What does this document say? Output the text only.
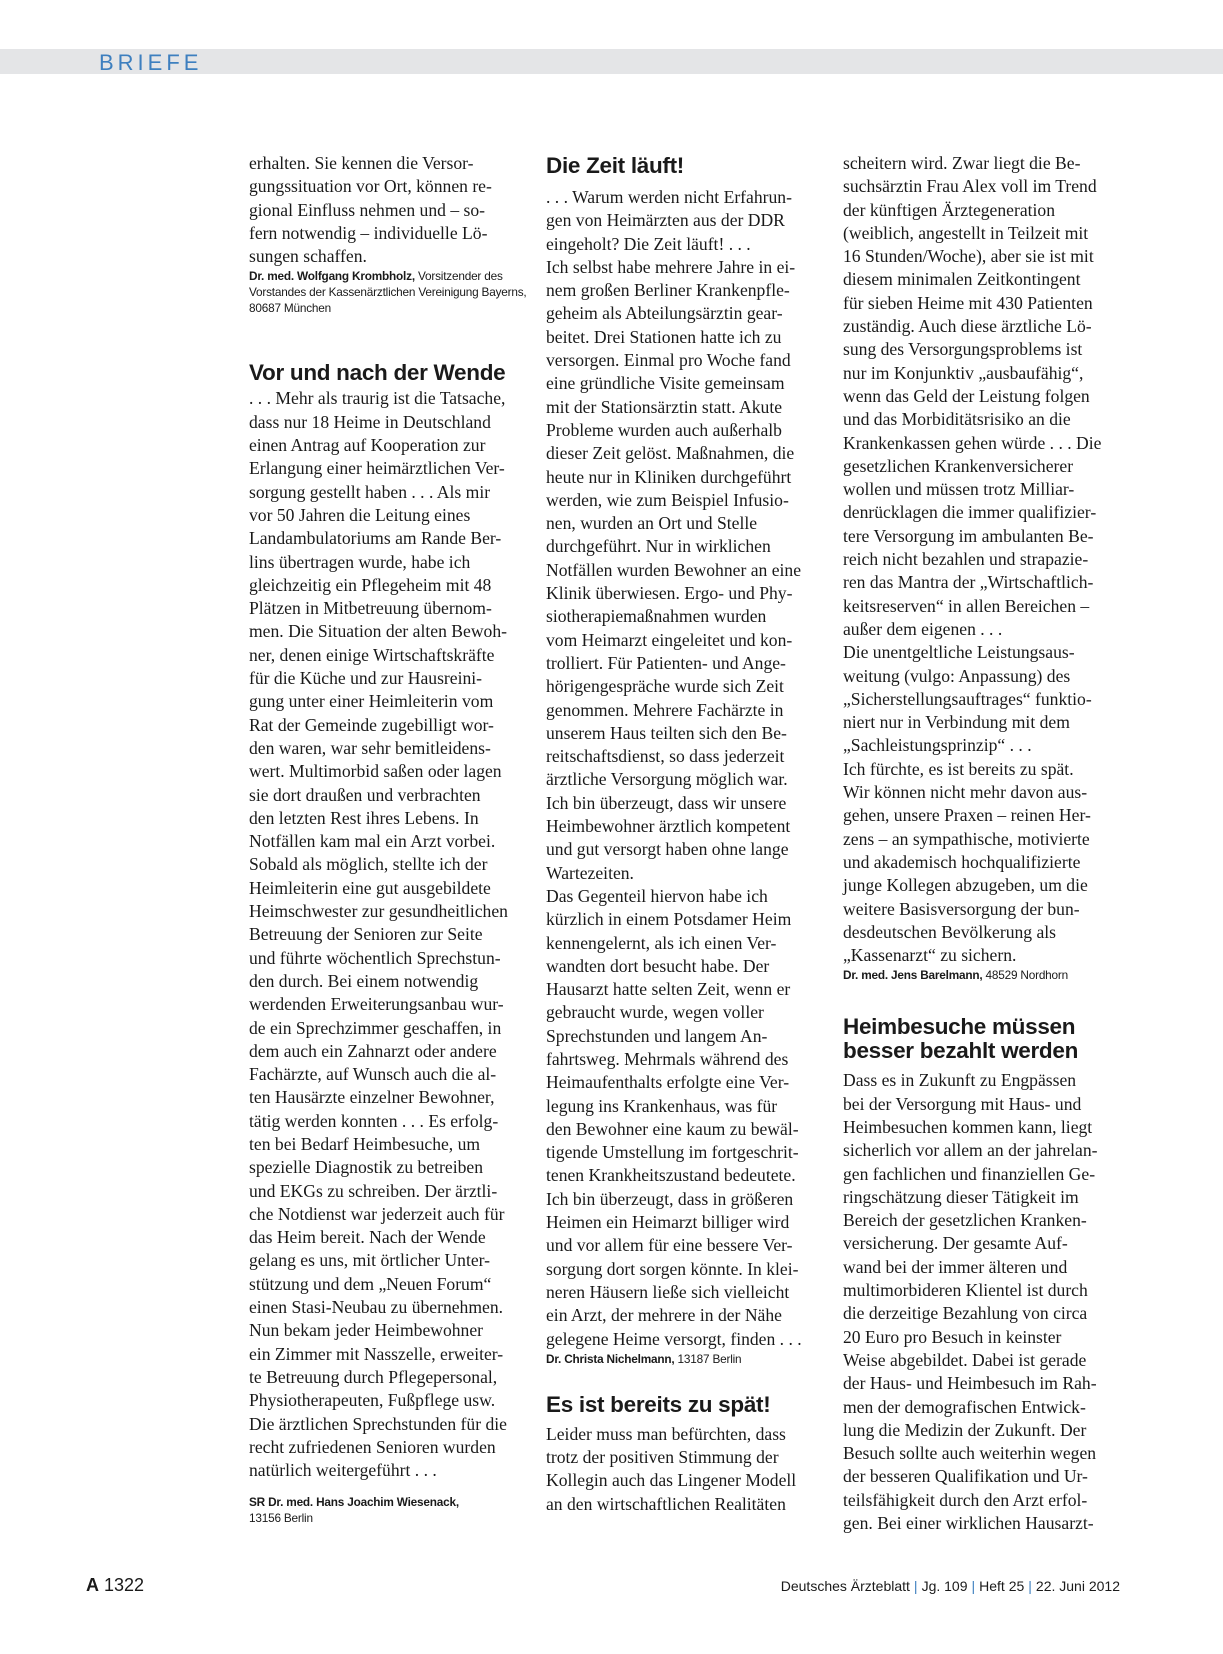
BRIEFE

erhalten. Sie kennen die Versor-
gungssituation vor Ort, können re-
gional Einfluss nehmen und – so-
fern notwendig – individuelle Lö-
sungen schaffen.

Dr. med. Wolfgang Krombholz, Vorsitzender des Vorstandes der Kassenärztlichen Vereinigung Bayerns, 80687 München

Vor und nach der Wende

. . . Mehr als traurig ist die Tatsache,
dass nur 18 Heime in Deutschland
einen Antrag auf Kooperation zur
Erlangung einer heimärztlichen Ver-
sorgung gestellt haben . . . Als mir
vor 50 Jahren die Leitung eines
Landambulatoriums am Rande Ber-
lins übertragen wurde, habe ich
gleichzeitig ein Pflegeheim mit 48
Plätzen in Mitbetreuung übernom-
men. Die Situation der alten Bewoh-
ner, denen einige Wirtschaftskräfte
für die Küche und zur Hausreini-
gung unter einer Heimleiterin vom
Rat der Gemeinde zugebilligt wor-
den waren, war sehr bemitleidens-
wert. Multimorbid saßen oder lagen
sie dort draußen und verbrachten
den letzten Rest ihres Lebens. In
Notfällen kam mal ein Arzt vorbei.
Sobald als möglich, stellte ich der
Heimleiterin eine gut ausgebildete
Heimschwester zur gesundheitlichen
Betreuung der Senioren zur Seite
und führte wöchentlich Sprechstun-
den durch. Bei einem notwendig
werdenden Erweiterungsanbau wur-
de ein Sprechzimmer geschaffen, in
dem auch ein Zahnarzt oder andere
Fachärzte, auf Wunsch auch die al-
ten Hausärzte einzelner Bewohner,
tätig werden konnten . . . Es erfolg-
ten bei Bedarf Heimbesuche, um
spezielle Diagnostik zu betreiben
und EKGs zu schreiben. Der ärztli-
che Notdienst war jederzeit auch für
das Heim bereit. Nach der Wende
gelang es uns, mit örtlicher Unter-
stützung und dem „Neuen Forum“
einen Stasi-Neubau zu übernehmen.
Nun bekam jeder Heimbewohner
ein Zimmer mit Nasszelle, erweiter-
te Betreuung durch Pflegepersonal,
Physiotherapeuten, Fußpflege usw.
Die ärztlichen Sprechstunden für die
recht zufriedenen Senioren wurden
natürlich weitergeführt . . .

SR Dr. med. Hans Joachim Wiesenack,
13156 Berlin

Die Zeit läuft!

. . . Warum werden nicht Erfahrun-
gen von Heimärzten aus der DDR
eingeholt? Die Zeit läuft! . . .
Ich selbst habe mehrere Jahre in ei-
nem großen Berliner Krankenpfle-
geheim als Abteilungsärztin gear-
beitet. Drei Stationen hatte ich zu
versorgen. Einmal pro Woche fand
eine gründliche Visite gemeinsam
mit der Stationsärztin statt. Akute
Probleme wurden auch außerhalb
dieser Zeit gelöst. Maßnahmen, die
heute nur in Kliniken durchgeführt
werden, wie zum Beispiel Infusio-
nen, wurden an Ort und Stelle
durchgeführt. Nur in wirklichen
Notfällen wurden Bewohner an eine
Klinik überwiesen. Ergo- und Phy-
siotherapiemaßnahmen wurden
vom Heimarzt eingeleitet und kon-
trolliert. Für Patienten- und Ange-
hörigengespräche wurde sich Zeit
genommen. Mehrere Fachärzte in
unserem Haus teilten sich den Be-
reitschaftsdienst, so dass jederzeit
ärztliche Versorgung möglich war.
Ich bin überzeugt, dass wir unsere
Heimbewohner ärztlich kompetent
und gut versorgt haben ohne lange
Wartezeiten.
Das Gegenteil hiervon habe ich
kürzlich in einem Potsdamer Heim
kennengelernt, als ich einen Ver-
wandten dort besucht habe. Der
Hausarzt hatte selten Zeit, wenn er
gebraucht wurde, wegen voller
Sprechstunden und langem An-
fahrtsweg. Mehrmals während des
Heimaufenthalts erfolgte eine Ver-
legung ins Krankenhaus, was für
den Bewohner eine kaum zu bewäl-
tigende Umstellung im fortgeschrit-
tenen Krankheitszustand bedeutete.
Ich bin überzeugt, dass in größeren
Heimen ein Heimarzt billiger wird
und vor allem für eine bessere Ver-
sorgung dort sorgen könnte. In klei-
neren Häusern ließe sich vielleicht
ein Arzt, der mehrere in der Nähe
gelegene Heime versorgt, finden . . .

Dr. Christa Nichelmann, 13187 Berlin

Es ist bereits zu spät!

Leider muss man befürchten, dass
trotz der positiven Stimmung der
Kollegin auch das Lingener Modell
an den wirtschaftlichen Realitäten

scheitern wird. Zwar liegt die Be-
suchsärztin Frau Alex voll im Trend
der künftigen Ärztegeneration
(weiblich, angestellt in Teilzeit mit
16 Stunden/Woche), aber sie ist mit
diesem minimalen Zeitkontingent
für sieben Heime mit 430 Patienten
zuständig. Auch diese ärztliche Lö-
sung des Versorgungsproblems ist
nur im Konjunktiv „ausbaufähig“,
wenn das Geld der Leistung folgen
und das Morbiditätsrisiko an die
Krankenkassen gehen würde . . . Die
gesetzlichen Krankenversicherer
wollen und müssen trotz Milliar-
denrücklagen die immer qualifizier-
tere Versorgung im ambulanten Be-
reich nicht bezahlen und strapazie-
ren das Mantra der „Wirtschaftlich-
keitsreserven“ in allen Bereichen –
außer dem eigenen . . .
Die unentgeltliche Leistungsaus-
weitung (vulgo: Anpassung) des
„Sicherstellungsauftrages“ funktio-
niert nur in Verbindung mit dem
„Sachleistungsprinzip“ . . .
Ich fürchte, es ist bereits zu spät.
Wir können nicht mehr davon aus-
gehen, unsere Praxen – reinen Her-
zens – an sympathische, motivierte
und akademisch hochqualifizierte
junge Kollegen abzugeben, um die
weitere Basisversorgung der bun-
desdeutschen Bevölkerung als
„Kassenarzt“ zu sichern.

Dr. med. Jens Barelmann, 48529 Nordhorn

Heimbesuche müssen
besser bezahlt werden

Dass es in Zukunft zu Engpässen
bei der Versorgung mit Haus- und
Heimbesuchen kommen kann, liegt
sicherlich vor allem an der jahrelan-
gen fachlichen und finanziellen Ge-
ringschätzung dieser Tätigkeit im
Bereich der gesetzlichen Kranken-
versicherung. Der gesamte Auf-
wand bei der immer älteren und
multimorbideren Klientel ist durch
die derzeitige Bezahlung von circa
20 Euro pro Besuch in keinster
Weise abgebildet. Dabei ist gerade
der Haus- und Heimbesuch im Rah-
men der demografischen Entwick-
lung die Medizin der Zukunft. Der
Besuch sollte auch weiterhin wegen
der besseren Qualifikation und Ur-
teilsfähigkeit durch den Arzt erfol-
gen. Bei einer wirklichen Hausarzt-

A 1322	Deutsches Ärzteblatt | Jg. 109 | Heft 25 | 22. Juni 2012
